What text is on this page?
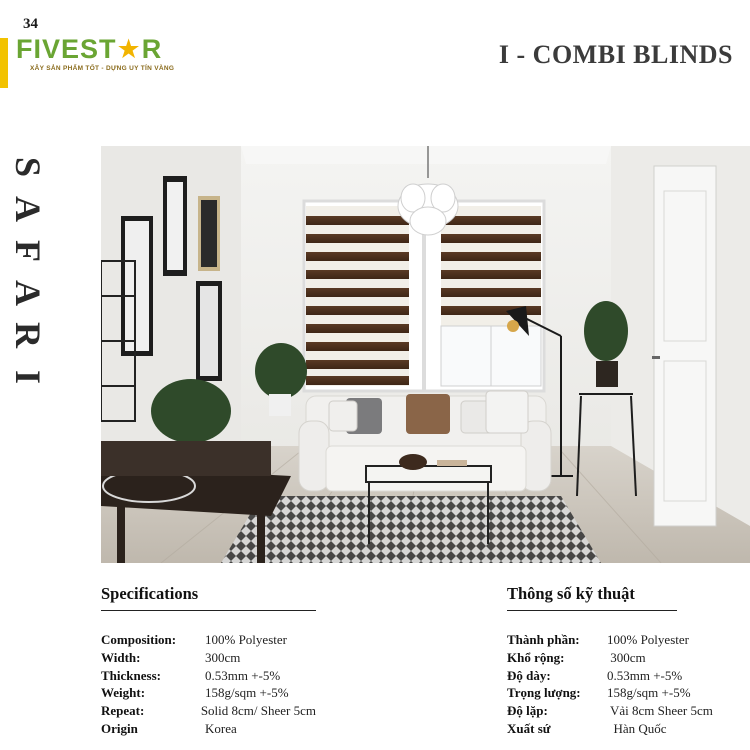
34
FIVEST★R
XÂY SẢN PHẨM TỐT - DỰNG UY TÍN VÀNG	I - COMBI BLINDS
S
A
F
A
R
I
Specifications
Composition:	100% Polyester
Width:	300cm
Thickness:	0.53mm +-5%
Weight:	158g/sqm +-5%
Repeat:	Solid 8cm/ Sheer 5cm
Origin	Korea
Thông số kỹ thuật
Thành phần:	100% Polyester
Khổ rộng:	300cm
Độ dày:	0.53mm +-5%
Trọng lượng:	158g/sqm +-5%
Độ lặp:	Vải 8cm Sheer 5cm
Xuất sứ	Hàn Quốc
